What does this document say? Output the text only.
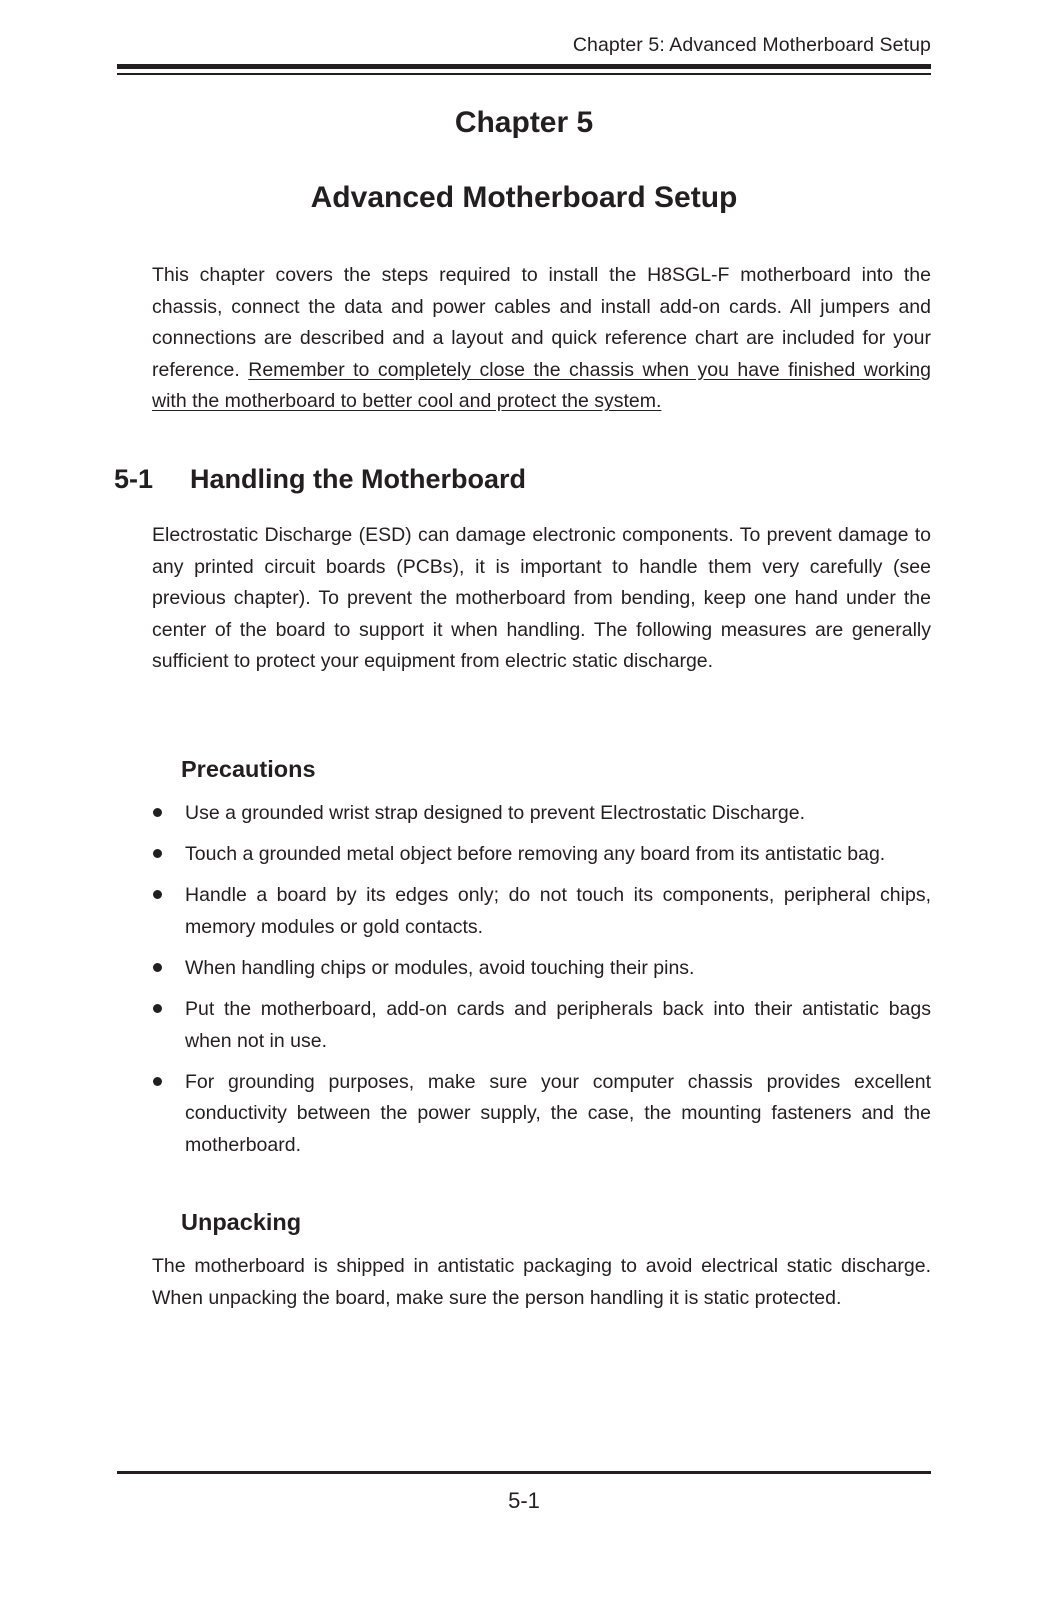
Chapter 5: Advanced Motherboard Setup
Chapter 5
Advanced Motherboard Setup

This chapter covers the steps required to install the H8SGL-F motherboard into the chassis, connect the data and power cables and install add-on cards. All jumpers and connections are described and a layout and quick reference chart are included for your reference. Remember to completely close the chassis when you have finished working with the motherboard to better cool and protect the system.

5-1 Handling the Motherboard

Electrostatic Discharge (ESD) can damage electronic components. To prevent damage to any printed circuit boards (PCBs), it is important to handle them very carefully (see previous chapter). To prevent the motherboard from bending, keep one hand under the center of the board to support it when handling. The following measures are generally sufficient to protect your equipment from electric static discharge.

Precautions
Use a grounded wrist strap designed to prevent Electrostatic Discharge.
Touch a grounded metal object before removing any board from its antistatic bag.
Handle a board by its edges only; do not touch its components, peripheral chips, memory modules or gold contacts.
When handling chips or modules, avoid touching their pins.
Put the motherboard, add-on cards and peripherals back into their antistatic bags when not in use.
For grounding purposes, make sure your computer chassis provides excellent conductivity between the power supply, the case, the mounting fasteners and the motherboard.
Unpacking

The motherboard is shipped in antistatic packaging to avoid electrical static discharge. When unpacking the board, make sure the person handling it is static protected.

5-1
